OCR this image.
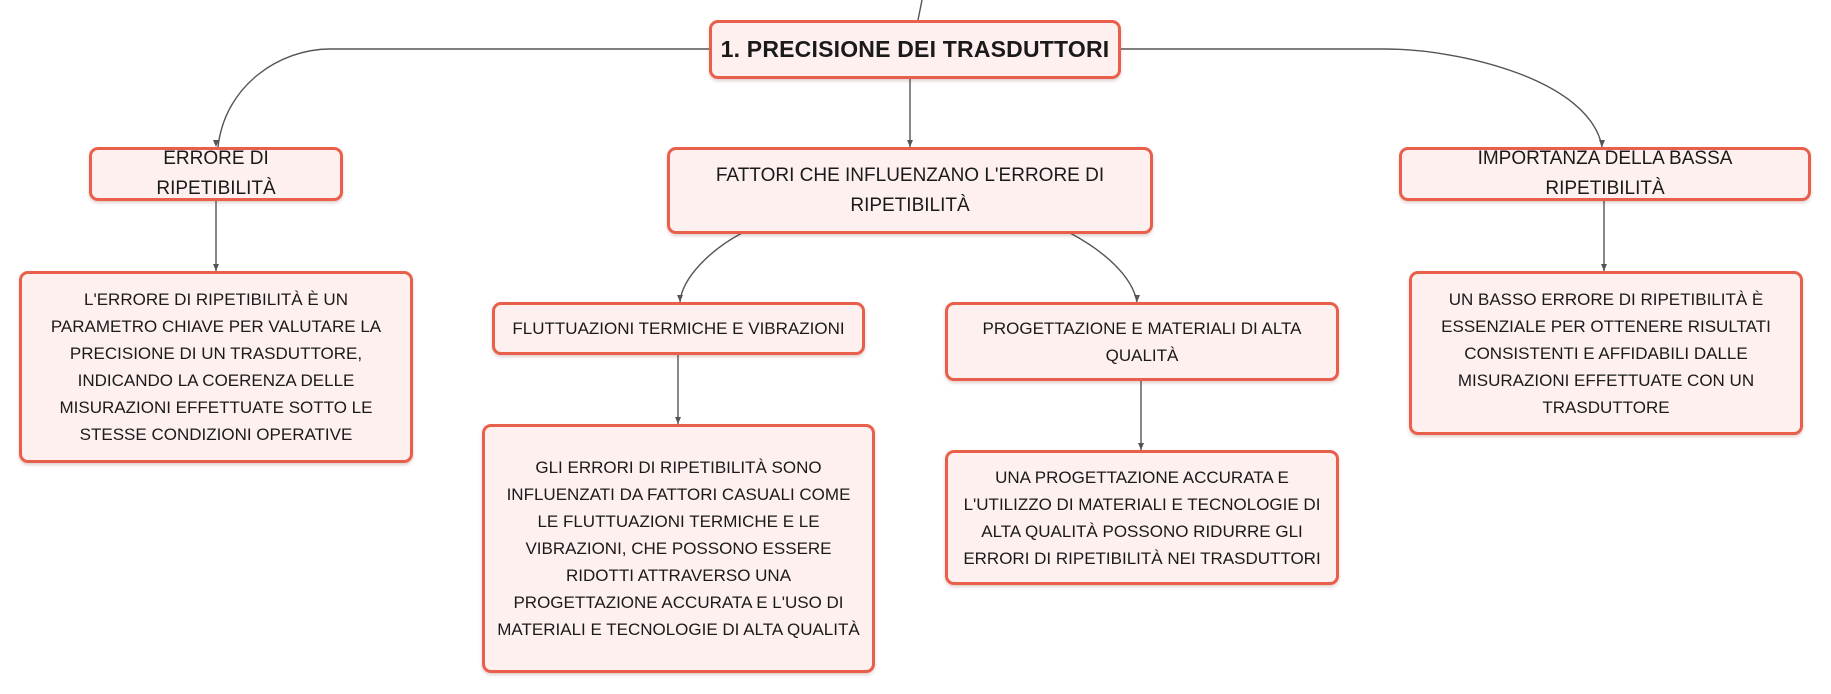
1. PRECISIONE DEI TRASDUTTORI
ERRORE DI RIPETIBILITÀ
L'ERRORE DI RIPETIBILITÀ È UN PARAMETRO CHIAVE PER VALUTARE LA PRECISIONE DI UN TRASDUTTORE, INDICANDO LA COERENZA DELLE MISURAZIONI EFFETTUATE SOTTO LE STESSE CONDIZIONI OPERATIVE
FATTORI CHE INFLUENZANO L'ERRORE DI RIPETIBILITÀ
FLUTTUAZIONI TERMICHE E VIBRAZIONI
GLI ERRORI DI RIPETIBILITÀ SONO INFLUENZATI DA FATTORI CASUALI COME LE FLUTTUAZIONI TERMICHE E LE VIBRAZIONI, CHE POSSONO ESSERE RIDOTTI ATTRAVERSO UNA PROGETTAZIONE ACCURATA E L'USO DI MATERIALI E TECNOLOGIE DI ALTA QUALITÀ
PROGETTAZIONE E MATERIALI DI ALTA QUALITÀ
UNA PROGETTAZIONE ACCURATA E L'UTILIZZO DI MATERIALI E TECNOLOGIE DI ALTA QUALITÀ POSSONO RIDURRE GLI ERRORI DI RIPETIBILITÀ NEI TRASDUTTORI
IMPORTANZA DELLA BASSA RIPETIBILITÀ
UN BASSO ERRORE DI RIPETIBILITÀ È ESSENZIALE PER OTTENERE RISULTATI CONSISTENTI E AFFIDABILI DALLE MISURAZIONI EFFETTUATE CON UN TRASDUTTORE
